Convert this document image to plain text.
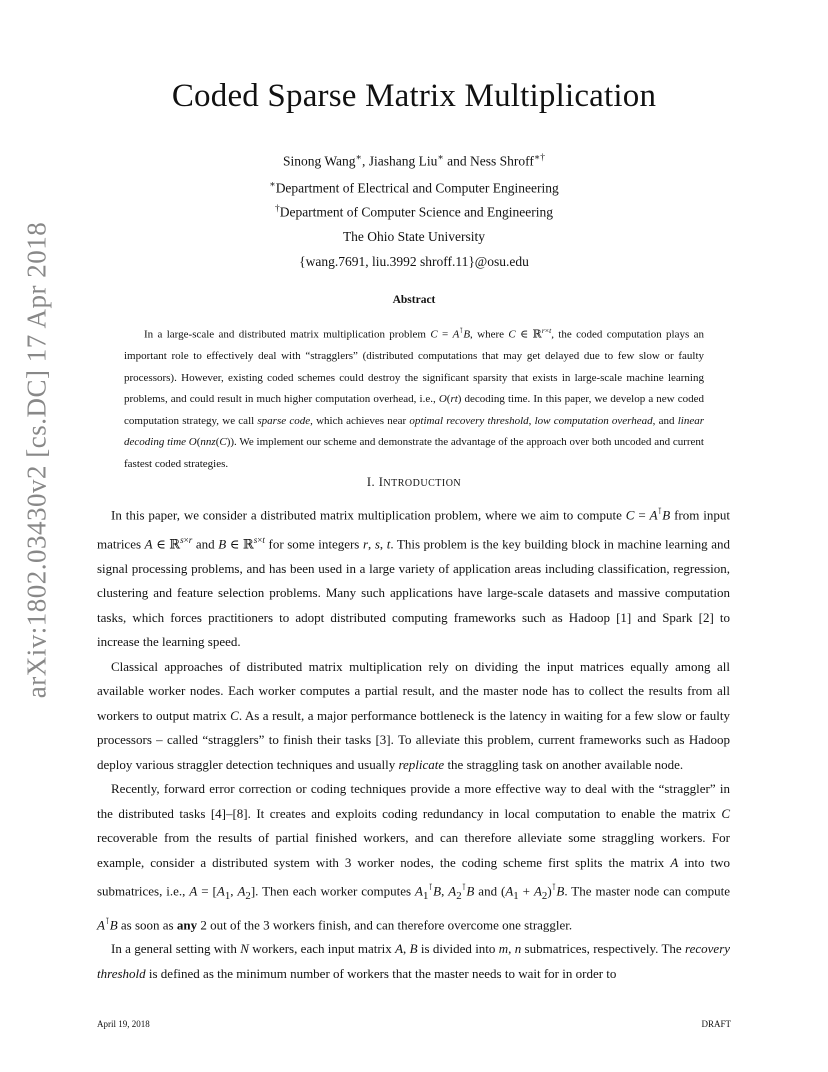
arXiv:1802.03430v2 [cs.DC] 17 Apr 2018
Coded Sparse Matrix Multiplication
Sinong Wang∗, Jiashang Liu∗ and Ness Shroff∗†
∗Department of Electrical and Computer Engineering
†Department of Computer Science and Engineering
The Ohio State University
{wang.7691, liu.3992 shroff.11}@osu.edu
Abstract

In a large-scale and distributed matrix multiplication problem C = A⊺B, where C ∈ ℝ$^{r\times t}$, the coded computation plays an important role to effectively deal with “stragglers” (distributed computations that may get delayed due to few slow or faulty processors). However, existing coded schemes could destroy the significant sparsity that exists in large-scale machine learning problems, and could result in much higher computation overhead, i.e., O(rt) decoding time. In this paper, we develop a new coded computation strategy, we call sparse code, which achieves near optimal recovery threshold, low computation overhead, and linear decoding time O(nnz(C)). We implement our scheme and demonstrate the advantage of the approach over both uncoded and current fastest coded strategies.

I. INTRODUCTION

In this paper, we consider a distributed matrix multiplication problem, where we aim to compute C = A⊺B from input matrices A ∈ ℝ$^{s\times r}$ and B ∈ ℝ$^{s\times t}$ for some integers r, s, t. This problem is the key building block in machine learning and signal processing problems, and has been used in a large variety of application areas including classification, regression, clustering and feature selection problems. Many such applications have large-scale datasets and massive computation tasks, which forces practitioners to adopt distributed computing frameworks such as Hadoop [1] and Spark [2] to increase the learning speed.

Classical approaches of distributed matrix multiplication rely on dividing the input matrices equally among all available worker nodes. Each worker computes a partial result, and the master node has to collect the results from all workers to output matrix C. As a result, a major performance bottleneck is the latency in waiting for a few slow or faulty processors – called “stragglers” to finish their tasks [3]. To alleviate this problem, current frameworks such as Hadoop deploy various straggler detection techniques and usually replicate the straggling task on another available node.

Recently, forward error correction or coding techniques provide a more effective way to deal with the “straggler” in the distributed tasks [4]–[8]. It creates and exploits coding redundancy in local computation to enable the matrix C recoverable from the results of partial finished workers, and can therefore alleviate some straggling workers. For example, consider a distributed system with 3 worker nodes, the coding scheme first splits the matrix A into two submatrices, i.e., $A = [A_1$, $A_2$]. Then each worker computes $A_1^⊺B$, $A_2^⊺B$ and $(A_1 + A_2)^⊺B$. The master node can compute A⊺B as soon as any 2 out of the 3 workers finish, and can therefore overcome one straggler.

In a general setting with N workers, each input matrix A, B is divided into m, n submatrices, respectively. The recovery threshold is defined as the minimum number of workers that the master needs to wait for in order to

April 19, 2018	DRAFT
